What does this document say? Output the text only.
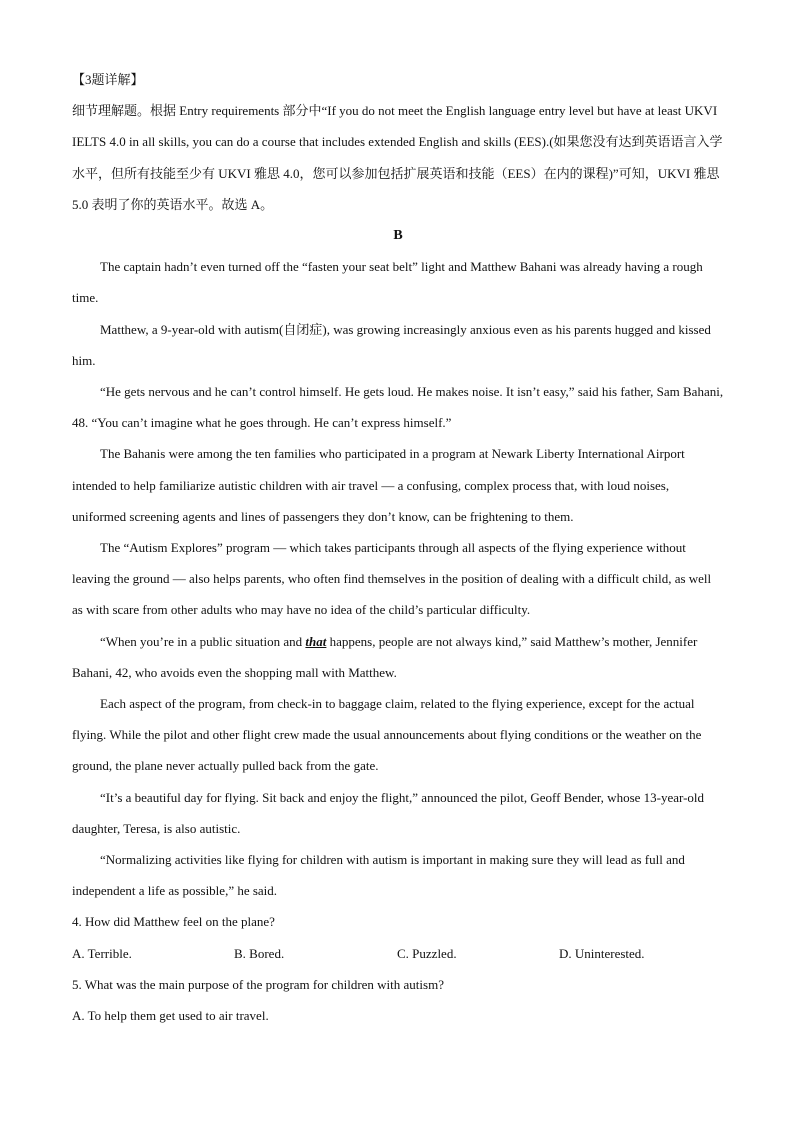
【3题详解】

细节理解题。根据 Entry requirements 部分中“If you do not meet the English language entry level but have at least UKVI IELTS 4.0 in all skills, you can do a course that includes extended English and skills (EES).(如果您没有达到英语语言入学水平，但所有技能至少有 UKVI 雅思 4.0，您可以参加包括扩展英语和技能（EES）在内的课程)”可知，UKVI 雅思 5.0 表明了你的英语水平。故选 A。

B

The captain hadn’t even turned off the “fasten your seat belt” light and Matthew Bahani was already having a rough time.

Matthew, a 9-year-old with autism(自闭症), was growing increasingly anxious even as his parents hugged and kissed him.

“He gets nervous and he can’t control himself. He gets loud. He makes noise. It isn’t easy,” said his father, Sam Bahani, 48. “You can’t imagine what he goes through. He can’t express himself.”

The Bahanis were among the ten families who participated in a program at Newark Liberty International Airport intended to help familiarize autistic children with air travel — a confusing, complex process that, with loud noises, uniformed screening agents and lines of passengers they don’t know, can be frightening to them.

The “Autism Explores” program — which takes participants through all aspects of the flying experience without leaving the ground — also helps parents, who often find themselves in the position of dealing with a difficult child, as well as with scare from other adults who may have no idea of the child’s particular difficulty.

“When you’re in a public situation and that happens, people are not always kind,” said Matthew’s mother, Jennifer Bahani, 42, who avoids even the shopping mall with Matthew.

Each aspect of the program, from check-in to baggage claim, related to the flying experience, except for the actual flying. While the pilot and other flight crew made the usual announcements about flying conditions or the weather on the ground, the plane never actually pulled back from the gate.

“It’s a beautiful day for flying. Sit back and enjoy the flight,” announced the pilot, Geoff Bender, whose 13-year-old daughter, Teresa, is also autistic.

“Normalizing activities like flying for children with autism is important in making sure they will lead as full and independent a life as possible,” he said.

4. How did Matthew feel on the plane?

A. Terrible.	B. Bored.	C. Puzzled.	D. Uninterested.

5. What was the main purpose of the program for children with autism?

A. To help them get used to air travel.
